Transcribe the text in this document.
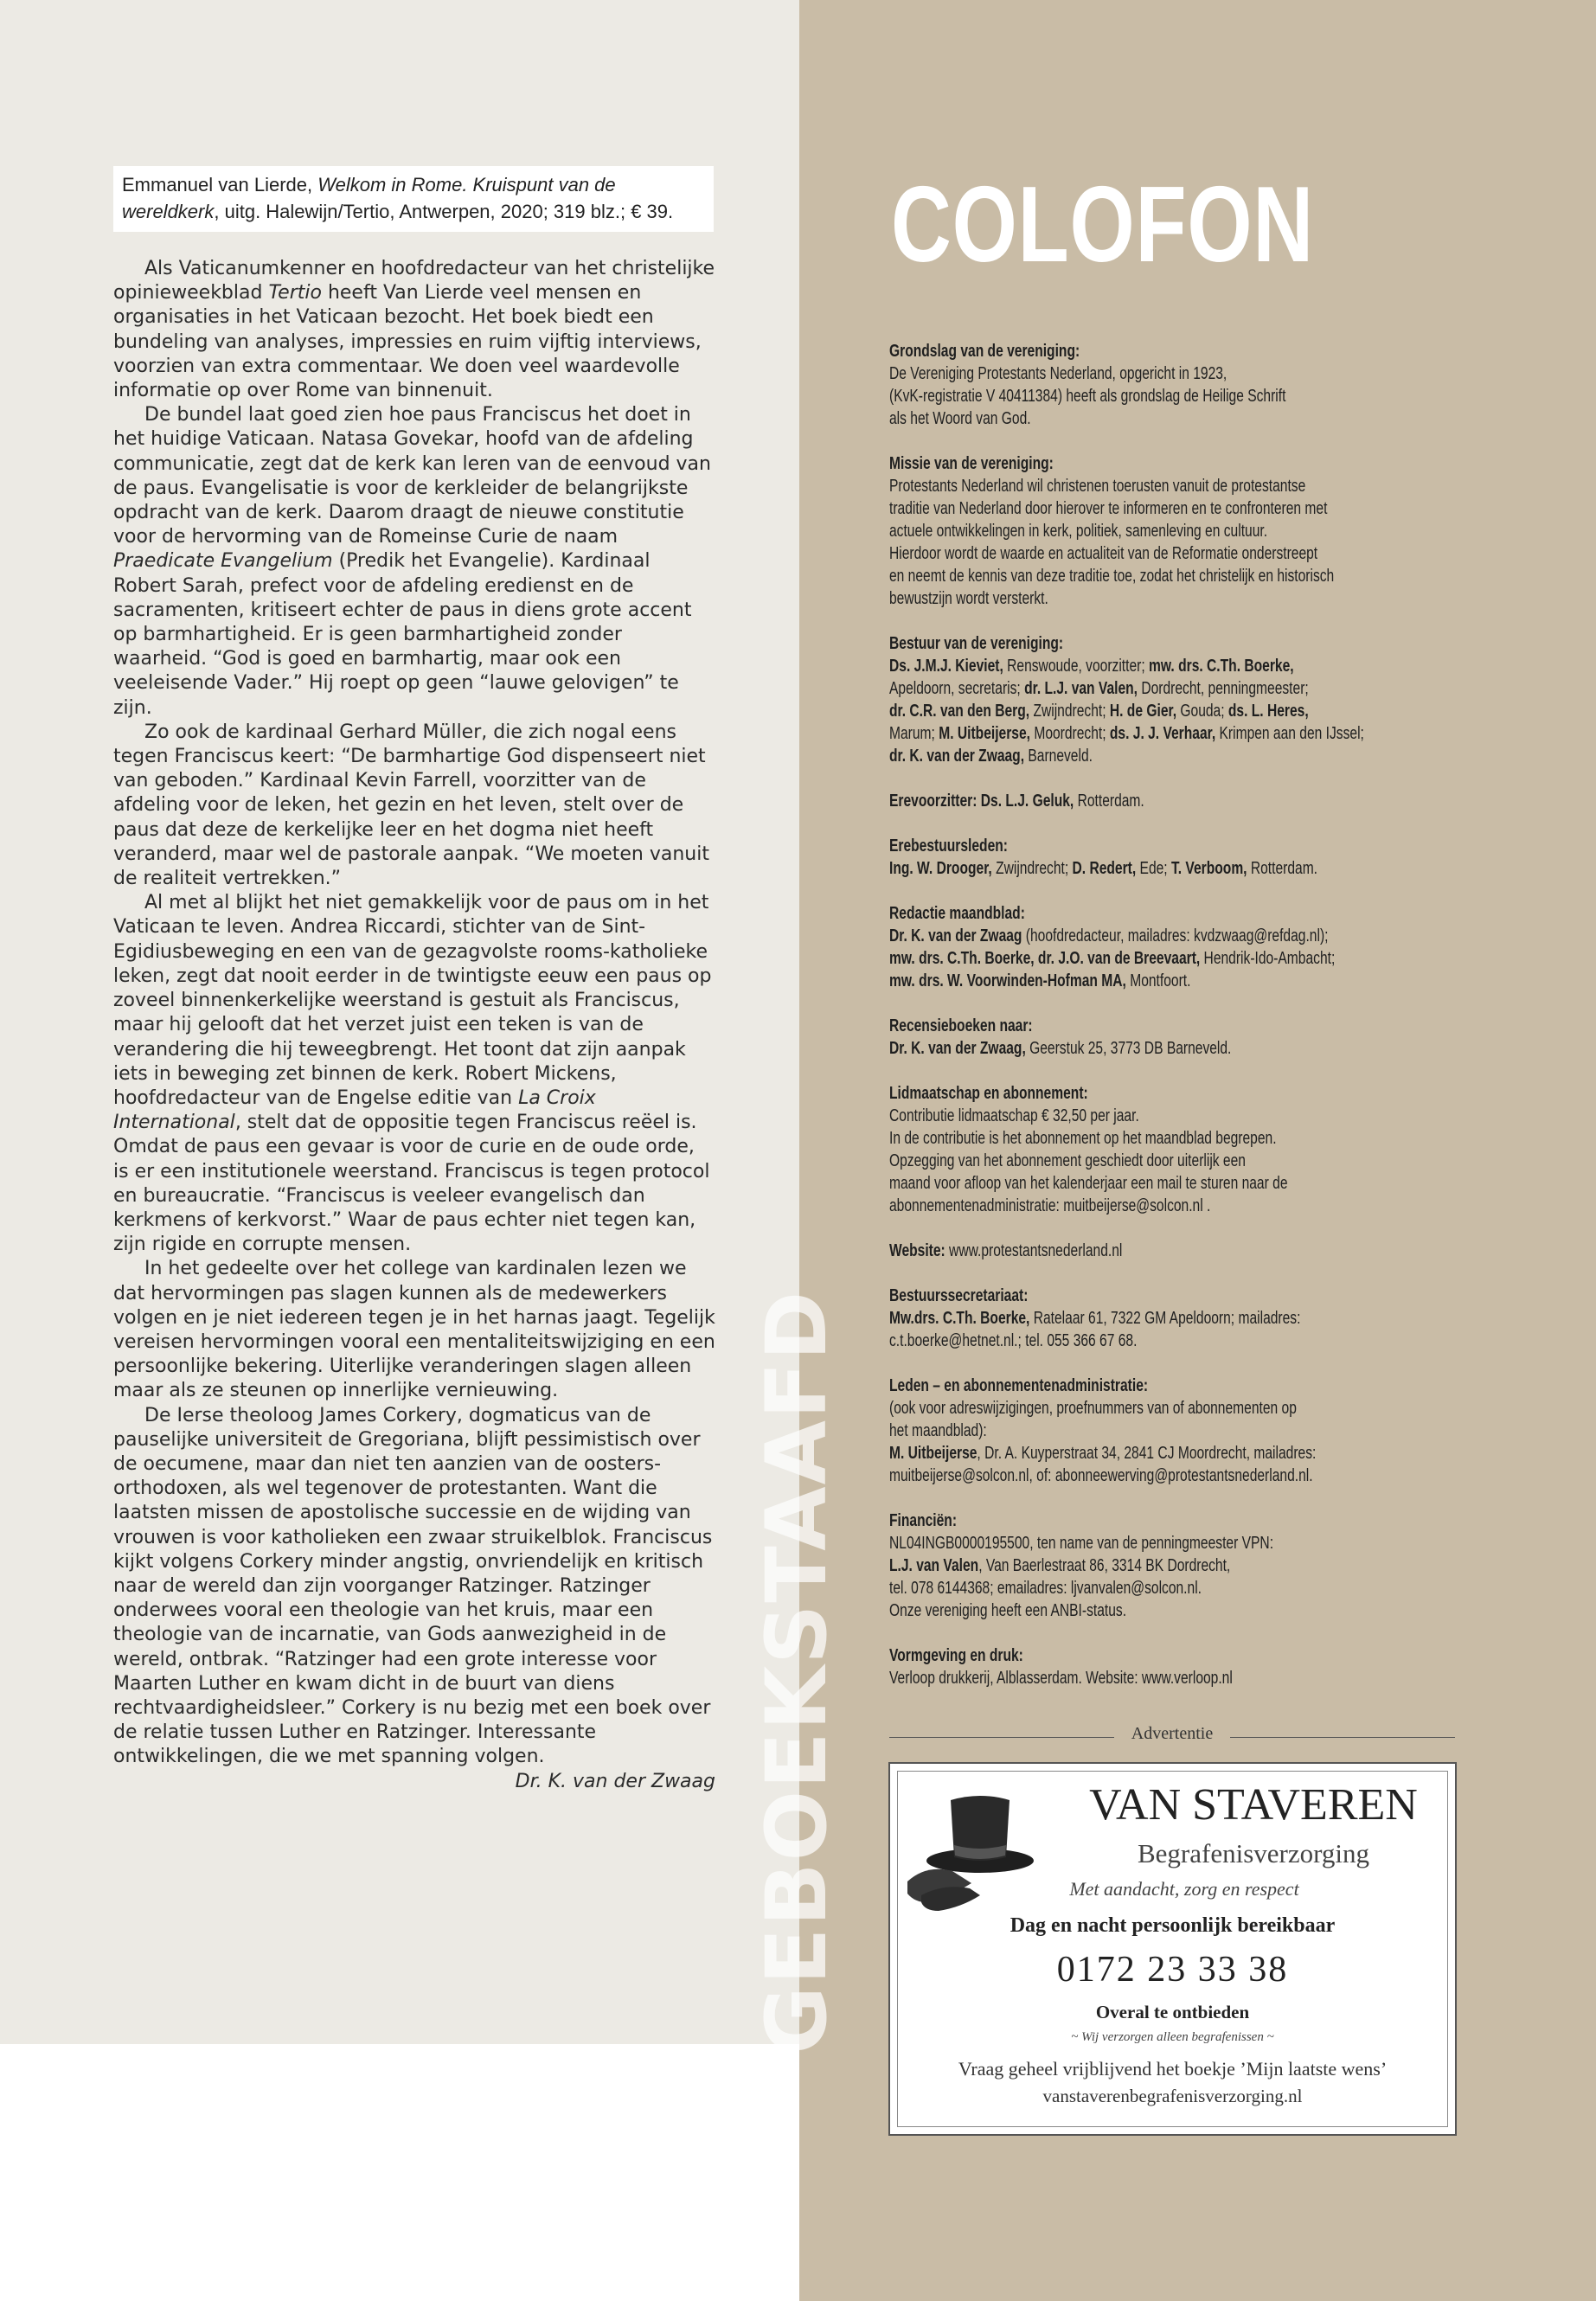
Emmanuel van Lierde, Welkom in Rome. Kruispunt van de wereldkerk, uitg. Halewijn/Tertio, Antwerpen, 2020; 319 blz.; € 39.

Als Vaticanumkenner en hoofdredacteur van het christelijke opinieweekblad Tertio heeft Van Lierde veel mensen en organisaties in het Vaticaan bezocht. Het boek biedt een bundeling van analyses, impressies en ruim vijftig interviews, voorzien van extra commentaar. We doen veel waardevolle informatie op over Rome van binnenuit.

De bundel laat goed zien hoe paus Franciscus het doet in het huidige Vaticaan. Natasa Govekar, hoofd van de afdeling communicatie, zegt dat de kerk kan leren van de eenvoud van de paus. Evangelisatie is voor de kerkleider de belangrijkste opdracht van de kerk. Daarom draagt de nieuwe constitutie voor de hervorming van de Romeinse Curie de naam Praedicate Evangelium (Predik het Evangelie). Kardinaal Robert Sarah, prefect voor de afdeling eredienst en de sacramenten, kritiseert echter de paus in diens grote accent op barmhartigheid. Er is geen barmhartigheid zonder waarheid. “God is goed en barmhartig, maar ook een veeleisende Vader.” Hij roept op geen “lauwe gelovigen” te zijn.

Zo ook de kardinaal Gerhard Müller, die zich nogal eens tegen Franciscus keert: “De barmhartige God dispenseert niet van geboden.” Kardinaal Kevin Farrell, voorzitter van de afdeling voor de leken, het gezin en het leven, stelt over de paus dat deze de kerkelijke leer en het dogma niet heeft veranderd, maar wel de pastorale aanpak. “We moeten vanuit de realiteit vertrekken.”

Al met al blijkt het niet gemakkelijk voor de paus om in het Vaticaan te leven. Andrea Riccardi, stichter van de Sint-Egidiusbeweging en een van de gezagvolste rooms-katholieke leken, zegt dat nooit eerder in de twintigste eeuw een paus op zoveel binnenkerkelijke weerstand is gestuit als Franciscus, maar hij gelooft dat het verzet juist een teken is van de verandering die hij teweegbrengt. Het toont dat zijn aanpak iets in beweging zet binnen de kerk. Robert Mickens, hoofdredacteur van de Engelse editie van La Croix International, stelt dat de oppositie tegen Franciscus reëel is. Omdat de paus een gevaar is voor de curie en de oude orde, is er een institutionele weerstand. Franciscus is tegen protocol en bureaucratie. “Franciscus is veeleer evangelisch dan kerkmens of kerkvorst.” Waar de paus echter niet tegen kan, zijn rigide en corrupte mensen.

In het gedeelte over het college van kardinalen lezen we dat hervormingen pas slagen kunnen als de medewerkers volgen en je niet iedereen tegen je in het harnas jaagt. Tegelijk vereisen hervormingen vooral een mentaliteitswijziging en een persoonlijke bekering. Uiterlijke veranderingen slagen alleen maar als ze steunen op innerlijke vernieuwing.

De Ierse theoloog James Corkery, dogmaticus van de pauselijke universiteit de Gregoriana, blijft pessimistisch over de oecumene, maar dan niet ten aanzien van de oosters-orthodoxen, als wel tegenover de protestanten. Want die laatsten missen de apostolische successie en de wijding van vrouwen is voor katholieken een zwaar struikelblok. Franciscus kijkt volgens Corkery minder angstig, onvriendelijk en kritisch naar de wereld dan zijn voorganger Ratzinger. Ratzinger onderwees vooral een theologie van het kruis, maar een theologie van de incarnatie, van Gods aanwezigheid in de wereld, ontbrak. “Ratzinger had een grote interesse voor Maarten Luther en kwam dicht in de buurt van diens rechtvaardigheidsleer.” Corkery is nu bezig met een boek over de relatie tussen Luther en Ratzinger. Interessante ontwikkelingen, die we met spanning volgen.

Dr. K. van der Zwaag GEBOEKSTAAFD
COLOFON
Grondslag van de vereniging:
De Vereniging Protestants Nederland, opgericht in 1923,
(KvK-registratie V 40411384) heeft als grondslag de Heilige Schrift
als het Woord van God.
Missie van de vereniging:
Protestants Nederland wil christenen toerusten vanuit de protestantse
traditie van Nederland door hierover te informeren en te confronteren met
actuele ontwikkelingen in kerk, politiek, samenleving en cultuur.
Hierdoor wordt de waarde en actualiteit van de Reformatie onderstreept
en neemt de kennis van deze traditie toe, zodat het christelijk en historisch
bewustzijn wordt versterkt.
Bestuur van de vereniging:
Ds. J.M.J. Kieviet, Renswoude, voorzitter; mw. drs. C.Th. Boerke,
Apeldoorn, secretaris; dr. L.J. van Valen, Dordrecht, penningmeester;
dr. C.R. van den Berg, Zwijndrecht; H. de Gier, Gouda; ds. L. Heres,
Marum; M. Uitbeijerse, Moordrecht; ds. J. J. Verhaar, Krimpen aan den IJssel;
dr. K. van der Zwaag, Barneveld.
Erevoorzitter: Ds. L.J. Geluk, Rotterdam.
Erebestuursleden:
Ing. W. Drooger, Zwijndrecht; D. Redert, Ede; T. Verboom, Rotterdam.
Redactie maandblad:
Dr. K. van der Zwaag (hoofdredacteur, mailadres: kvdzwaag@refdag.nl);
mw. drs. C.Th. Boerke, dr. J.O. van de Breevaart, Hendrik-Ido-Ambacht;
mw. drs. W. Voorwinden-Hofman MA, Montfoort.
Recensieboeken naar:
Dr. K. van der Zwaag, Geerstuk 25, 3773 DB Barneveld.
Lidmaatschap en abonnement:
Contributie lidmaatschap € 32,50 per jaar.
In de contributie is het abonnement op het maandblad begrepen.
Opzegging van het abonnement geschiedt door uiterlijk een
maand voor afloop van het kalenderjaar een mail te sturen naar de
abonnementenadministratie: muitbeijerse@solcon.nl .
Website: www.protestantsnederland.nl
Bestuurssecretariaat:
Mw.drs. C.Th. Boerke, Ratelaar 61, 7322 GM Apeldoorn; mailadres:
c.t.boerke@hetnet.nl.; tel. 055 366 67 68.
Leden – en abonnementenadministratie:
(ook voor adreswijzigingen, proefnummers van of abonnementen op
het maandblad):
M. Uitbeijerse, Dr. A. Kuyperstraat 34, 2841 CJ Moordrecht, mailadres:
muitbeijerse@solcon.nl, of: abonneewerving@protestantsnederland.nl.
Financiën:
NL04INGB0000195500, ten name van de penningmeester VPN:
L.J. van Valen, Van Baerlestraat 86, 3314 BK Dordrecht,
tel. 078 6144368; emailadres: ljvanvalen@solcon.nl.
Onze vereniging heeft een ANBI-status.
Vormgeving en druk:
Verloop drukkerij, Alblasserdam. Website: www.verloop.nl
Advertentie
VAN STAVEREN
Begrafenisverzorging
Met aandacht, zorg en respect
Dag en nacht persoonlijk bereikbaar
0172 23 33 38
Overal te ontbieden
~ Wij verzorgen alleen begrafenissen ~
Vraag geheel vrijblijvend het boekje ’Mijn laatste wens’
vanstaverenbegrafenisverzorging.nl
